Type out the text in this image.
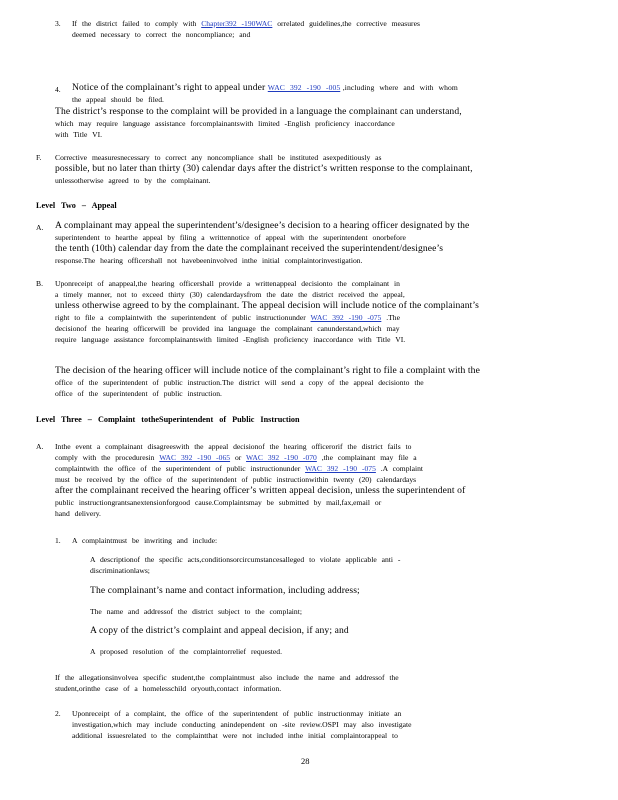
3. If the district failed to comply with Chapter392 -190WAC orrelated guidelines,the corrective measures
deemed necessary to correct the noncompliance; and
4. Notice of the complainant’s right to appeal under WAC 392 -190 -005 ,including where and with whom
the appeal should be filed.
The district’s response to the complaint will be provided in a language the complainant can understand,
which may require language assistance forcomplainantswith limited -English proficiency inaccordance
with Title VI.
F. Corrective measuresnecessary to correct any noncompliance shall be instituted asexpeditiously as
possible, but no later than thirty (30) calendar days after the district’s written response to the complainant,
unlessotherwise agreed to by the complainant.
Level Two – Appeal
A. A complainant may appeal the superintendent’s/designee’s decision to a hearing officer designated by the
superintendent to hearthe appeal by filing a writtennotice of appeal with the superintendent onorbefore
the tenth (10th) calendar day from the date the complainant received the superintendent/designee’s
response.The hearing officershall not havebeeninvolved inthe initial complaintorinvestigation.
B. Uponreceipt of anappeal,the hearing officershall provide a writtenappeal decisionto the complainant in
a timely manner, not to exceed thirty (30) calendardaysfrom the date the district received the appeal,
unless otherwise agreed to by the complainant. The appeal decision will include notice of the complainant’s
right to file a complaintwith the superintendent of public instructionunder WAC 392 -190 -075 .The
decisionof the hearing officerwill be provided ina language the complainant canunderstand,which may
require language assistance forcomplainantswith limited -English proficiency inaccordance with Title VI.
The decision of the hearing officer will include notice of the complainant’s right to file a complaint with the
office of the superintendent of public instruction.The district will send a copy of the appeal decisionto the
office of the superintendent of public instruction.
Level Three – Complaint totheSuperintendent of Public Instruction
A. Inthe event a complainant disagreeswith the appeal decisionof the hearing officerorif the district fails to
comply with the proceduresin WAC 392 -190 -065 or WAC 392 -190 -070 ,the complainant may file a
complaintwith the office of the superintendent of public instructionunder WAC 392 -190 -075 .A complaint
must be received by the office of the superintendent of public instructionwithin twenty (20) calendardays
after the complainant received the hearing officer’s written appeal decision, unless the superintendent of
public instructiongrantsanextensionforgood cause.Complaintsmay be submitted by mail,fax,email or
hand delivery.
1. A complaintmust be inwriting and include:
A descriptionof the specific acts,conditionsorcircumstancesalleged to violate applicable anti -
discriminationlaws;
The complainant’s name and contact information, including address;
The name and addressof the district subject to the complaint;
A copy of the district’s complaint and appeal decision, if any; and
A proposed resolution of the complaintorrelief requested.
If the allegationsinvolvea specific student,the complaintmust also include the name and addressof the
student,orinthe case of a homelesschild oryouth,contact information.
2. Uponreceipt of a complaint, the office of the superintendent of public instructionmay initiate an
investigation,which may include conducting anindependent on -site review.OSPI may also investigate
additional issuesrelated to the complaintthat were not included inthe initial complaintorappeal to
28
